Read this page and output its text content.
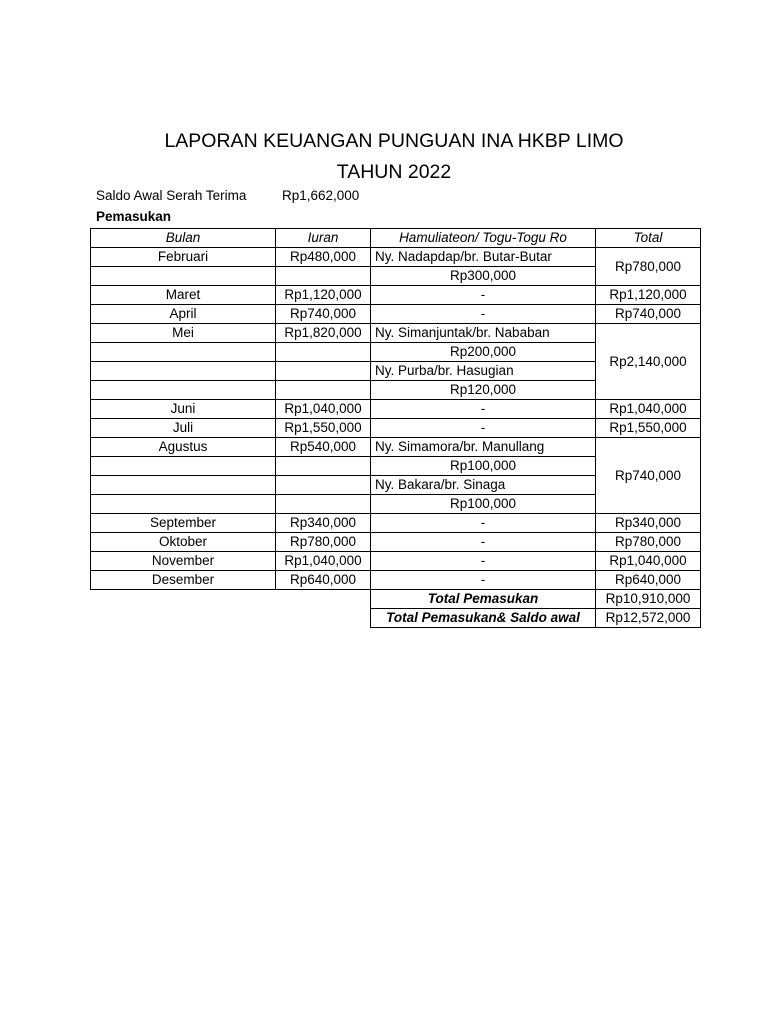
LAPORAN KEUANGAN PUNGUAN INA HKBP LIMO
TAHUN 2022
Saldo Awal Serah Terima	Rp1,662,000
Pemasukan
Bulan	Iuran	Hamuliateon/ Togu-Togu Ro	Total
Februari	Rp480,000	Ny. Nadapdap/br. Butar-Butar	Rp780,000
		Rp300,000	
Maret	Rp1,120,000	-	Rp1,120,000
April	Rp740,000	-	Rp740,000
Mei	Rp1,820,000	Ny. Simanjuntak/br. Nababan	Rp2,140,000
		Rp200,000	
		Ny. Purba/br. Hasugian	
		Rp120,000	
Juni	Rp1,040,000	-	Rp1,040,000
Juli	Rp1,550,000	-	Rp1,550,000
Agustus	Rp540,000	Ny. Simamora/br. Manullang	Rp740,000
		Rp100,000	
		Ny. Bakara/br. Sinaga	
		Rp100,000	
September	Rp340,000	-	Rp340,000
Oktober	Rp780,000	-	Rp780,000
November	Rp1,040,000	-	Rp1,040,000
Desember	Rp640,000	-	Rp640,000
		Total Pemasukan	Rp10,910,000
		Total Pemasukan& Saldo awal	Rp12,572,000
